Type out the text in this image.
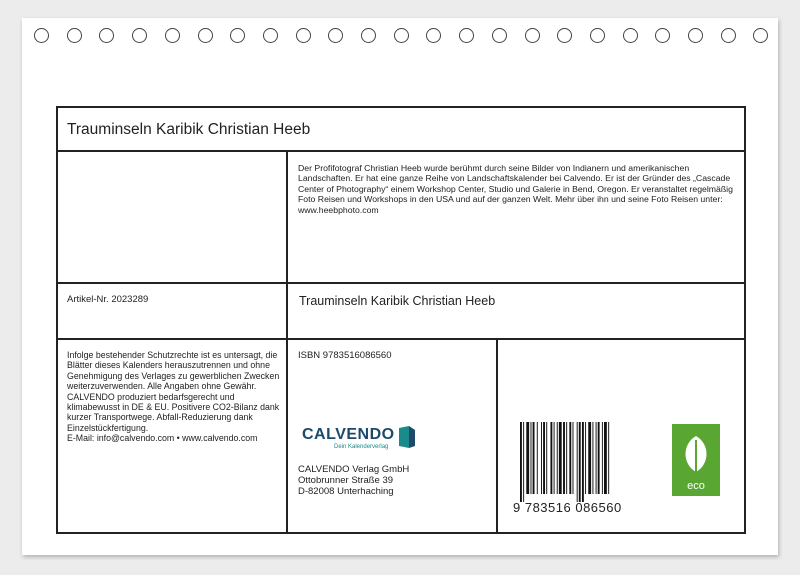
Trauminseln Karibik Christian Heeb
Der Profifotograf Christian Heeb wurde berühmt durch seine Bilder von Indianern und amerikanischen Landschaften. Er hat eine ganze Reihe von Landschaftskalender bei Calvendo. Er ist der Gründer des „Cascade Center of Photography“ einem Workshop Center, Studio und Galerie in Bend, Oregon. Er veranstaltet regelmäßig Foto Reisen und Workshops in den USA und auf der ganzen Welt. Mehr über ihn und seine Foto Reisen unter: www.heebphoto.com
Artikel-Nr. 2023289	Trauminseln Karibik Christian Heeb
Infolge bestehender Schutzrechte ist es untersagt, die Blätter dieses Kalenders herauszutrennen und ohne Genehmigung des Verlages zu gewerblichen Zwecken weiterzuverwenden. Alle Angaben ohne Gewähr.
CALVENDO produziert bedarfsgerecht und klimabewusst in DE & EU. Positivere CO2-Bilanz dank kurzer Transportwege. Abfall-Reduzierung dank Einzelstückfertigung.
E-Mail: info@calvendo.com • www.calvendo.com
ISBN 9783516086560
CALVENDO
Dein Kalenderverlag
CALVENDO Verlag GmbH
Ottobrunner Straße 39
D-82008 Unterhaching
9 783516 086560
eco
